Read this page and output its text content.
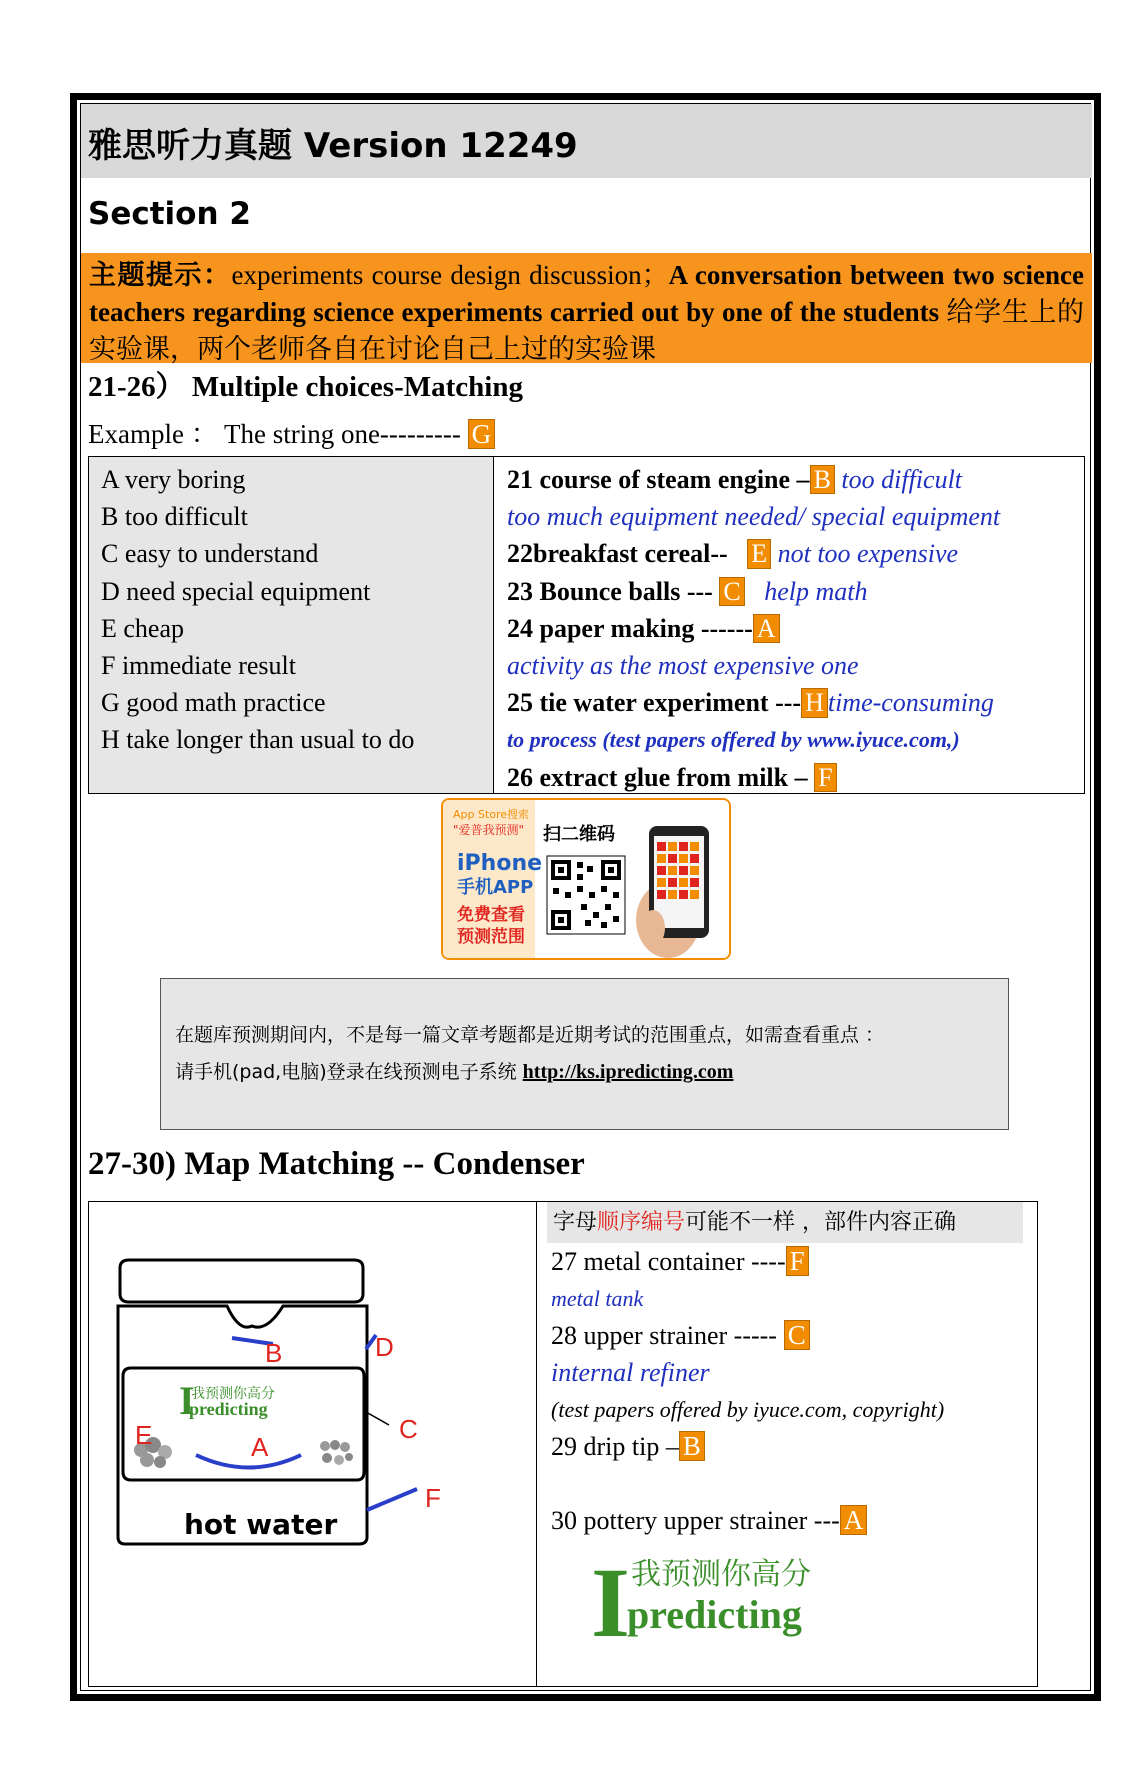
雅思听力真题 Version 12249
Section 2
主题提示：experiments course design discussion；A conversation between two science teachers regarding science experiments carried out by one of the students 给学生上的实验课，两个老师各自在讨论自己上过的实验课
21-26） Multiple choices-Matching
Example ： The string one--------- G
A very boring
B too difficult
C easy to understand
D need special equipment
E cheap
F immediate result
G good math practice
H take longer than usual to do
21 course of steam engine – B too difficult
too much equipment needed/ special equipment
22breakfast cereal-- E not too expensive
23 Bounce balls --- C help math
24 paper making ------ A
activity as the most expensive one
25 tie water experiment --- H time-consuming
to process (test papers offered by www.iyuce.com,)
26 extract glue from milk – F
App Store搜索
"爱普我预测"
iPhone
手机APP
免费查看
预测范围
扫二维码
在题库预测期间内，不是每一篇文章考题都是近期考试的范围重点，如需查看重点 ：
请手机(pad,电脑)登录在线预测电子系统 http://ks.ipredicting.com
27-30) Map Matching -- Condenser
I
我预测你高分
predicting
B	D
C
E	A
F
hot water
字母顺序编号可能不一样 ，部件内容正确
27 metal container ---- F
metal tank
28 upper strainer ----- C
internal refiner
(test papers offered by iyuce.com, copyright)
29 drip tip – B
30 pottery upper strainer --- A
I 我预测你高分
predicting
